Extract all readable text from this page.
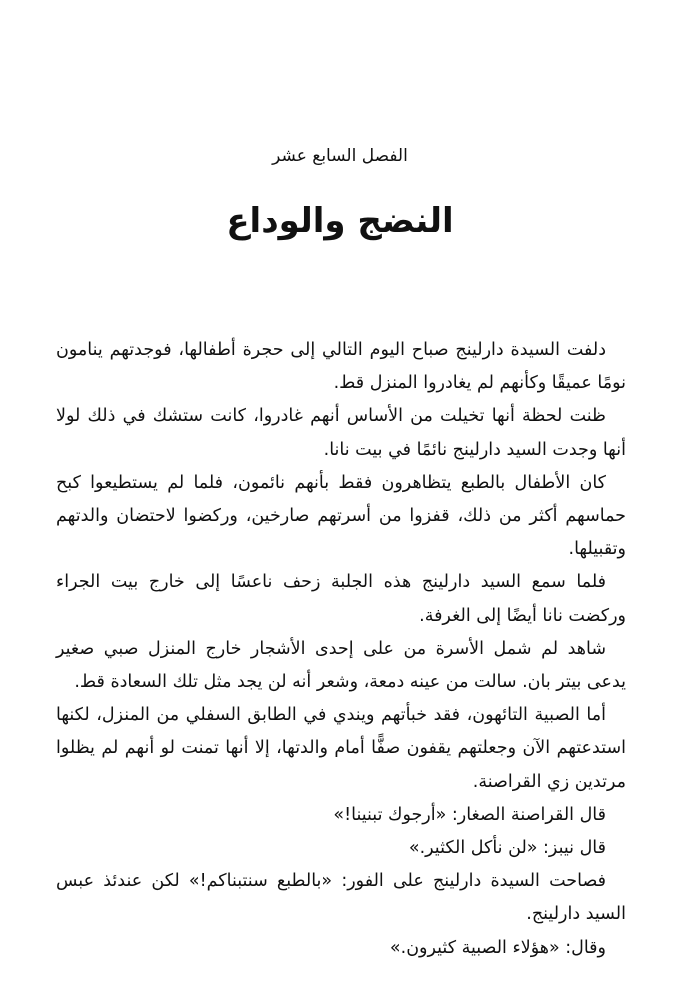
الفصل السابع عشر
النضج والوداع

دلفت السيدة دارلينج صباح اليوم التالي إلى حجرة أطفالها، فوجدتهم ينامون نومًا عميقًا وكأنهم لم يغادروا المنزل قط.

ظنت لحظة أنها تخيلت من الأساس أنهم غادروا، كانت ستشك في ذلك لولا أنها وجدت السيد دارلينج نائمًا في بيت نانا.

كان الأطفال بالطبع يتظاهرون فقط بأنهم نائمون، فلما لم يستطيعوا كبح حماسهم أكثر من ذلك، قفزوا من أسرتهم صارخين، وركضوا لاحتضان والدتهم وتقبيلها.

فلما سمع السيد دارلينج هذه الجلبة زحف ناعسًا إلى خارج بيت الجراء وركضت نانا أيضًا إلى الغرفة.

شاهد لم شمل الأسرة من على إحدى الأشجار خارج المنزل صبي صغير يدعى بيتر بان. سالت من عينه دمعة، وشعر أنه لن يجد مثل تلك السعادة قط.

أما الصبية التائهون، فقد خبأتهم ويندي في الطابق السفلي من المنزل، لكنها استدعتهم الآن وجعلتهم يقفون صفًّا أمام والدتها، إلا أنها تمنت لو أنهم لم يظلوا مرتدين زي القراصنة.

قال القراصنة الصغار: «أرجوك تبنينا!»

قال نيبز: «لن نأكل الكثير.»

فصاحت السيدة دارلينج على الفور: «بالطبع سنتبناكم!» لكن عندئذ عبس السيد دارلينج.

وقال: «هؤلاء الصبية كثيرون.»
